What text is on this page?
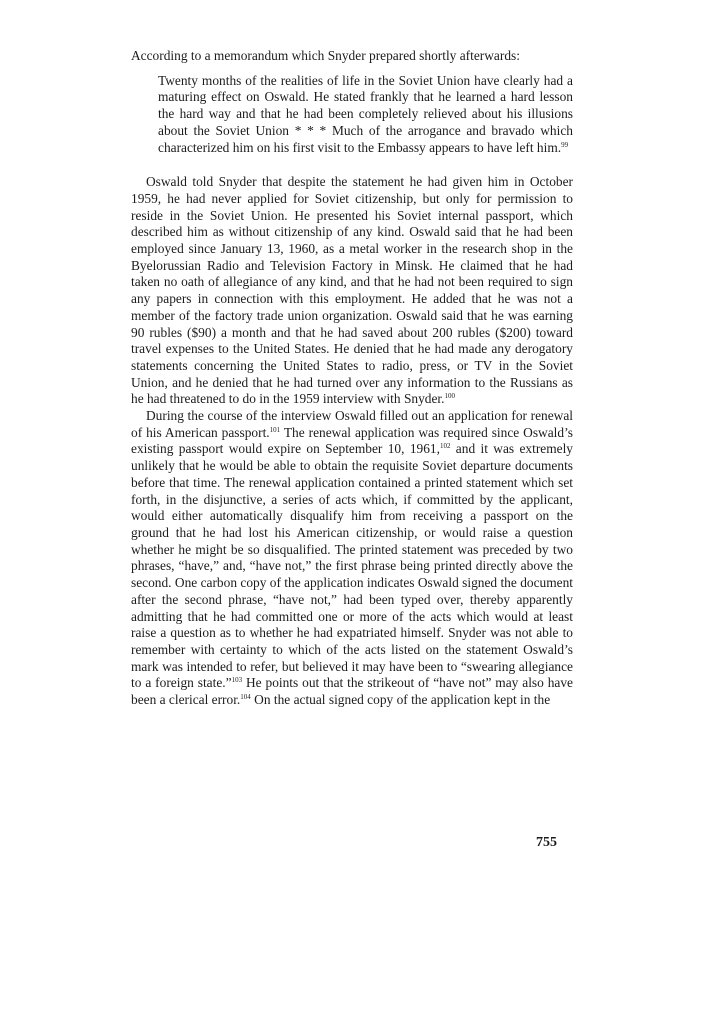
According to a memorandum which Snyder prepared shortly afterwards:

Twenty months of the realities of life in the Soviet Union have clearly had a maturing effect on Oswald. He stated frankly that he learned a hard lesson the hard way and that he had been completely relieved about his illusions about the Soviet Union * * * Much of the arrogance and bravado which characterized him on his first visit to the Embassy appears to have left him.$^{99}$

Oswald told Snyder that despite the statement he had given him in October 1959, he had never applied for Soviet citizenship, but only for permission to reside in the Soviet Union. He presented his Soviet internal passport, which described him as without citizenship of any kind. Oswald said that he had been employed since January 13, 1960, as a metal worker in the research shop in the Byelorussian Radio and Television Factory in Minsk. He claimed that he had taken no oath of allegiance of any kind, and that he had not been required to sign any papers in connection with this employment. He added that he was not a member of the factory trade union organization. Oswald said that he was earning 90 rubles ($90) a month and that he had saved about 200 rubles ($200) toward travel expenses to the United States. He denied that he had made any derogatory statements concerning the United States to radio, press, or TV in the Soviet Union, and he denied that he had turned over any information to the Russians as he had threatened to do in the 1959 interview with Snyder.$^{100}$

During the course of the interview Oswald filled out an application for renewal of his American passport.$^{101}$ The renewal application was required since Oswald’s existing passport would expire on September 10, 1961,$^{102}$ and it was extremely unlikely that he would be able to obtain the requisite Soviet departure documents before that time. The renewal application contained a printed statement which set forth, in the disjunctive, a series of acts which, if committed by the applicant, would either automatically disqualify him from receiving a passport on the ground that he had lost his American citizenship, or would raise a question whether he might be so disqualified. The printed statement was preceded by two phrases, “have,” and, “have not,” the first phrase being printed directly above the second. One carbon copy of the application indicates Oswald signed the document after the second phrase, “have not,” had been typed over, thereby apparently admitting that he had committed one or more of the acts which would at least raise a question as to whether he had expatriated himself. Snyder was not able to remember with certainty to which of the acts listed on the statement Oswald’s mark was intended to refer, but believed it may have been to “swearing allegiance to a foreign state.”$^{103}$ He points out that the strikeout of “have not” may also have been a clerical error.$^{104}$ On the actual signed copy of the application kept in the

755
